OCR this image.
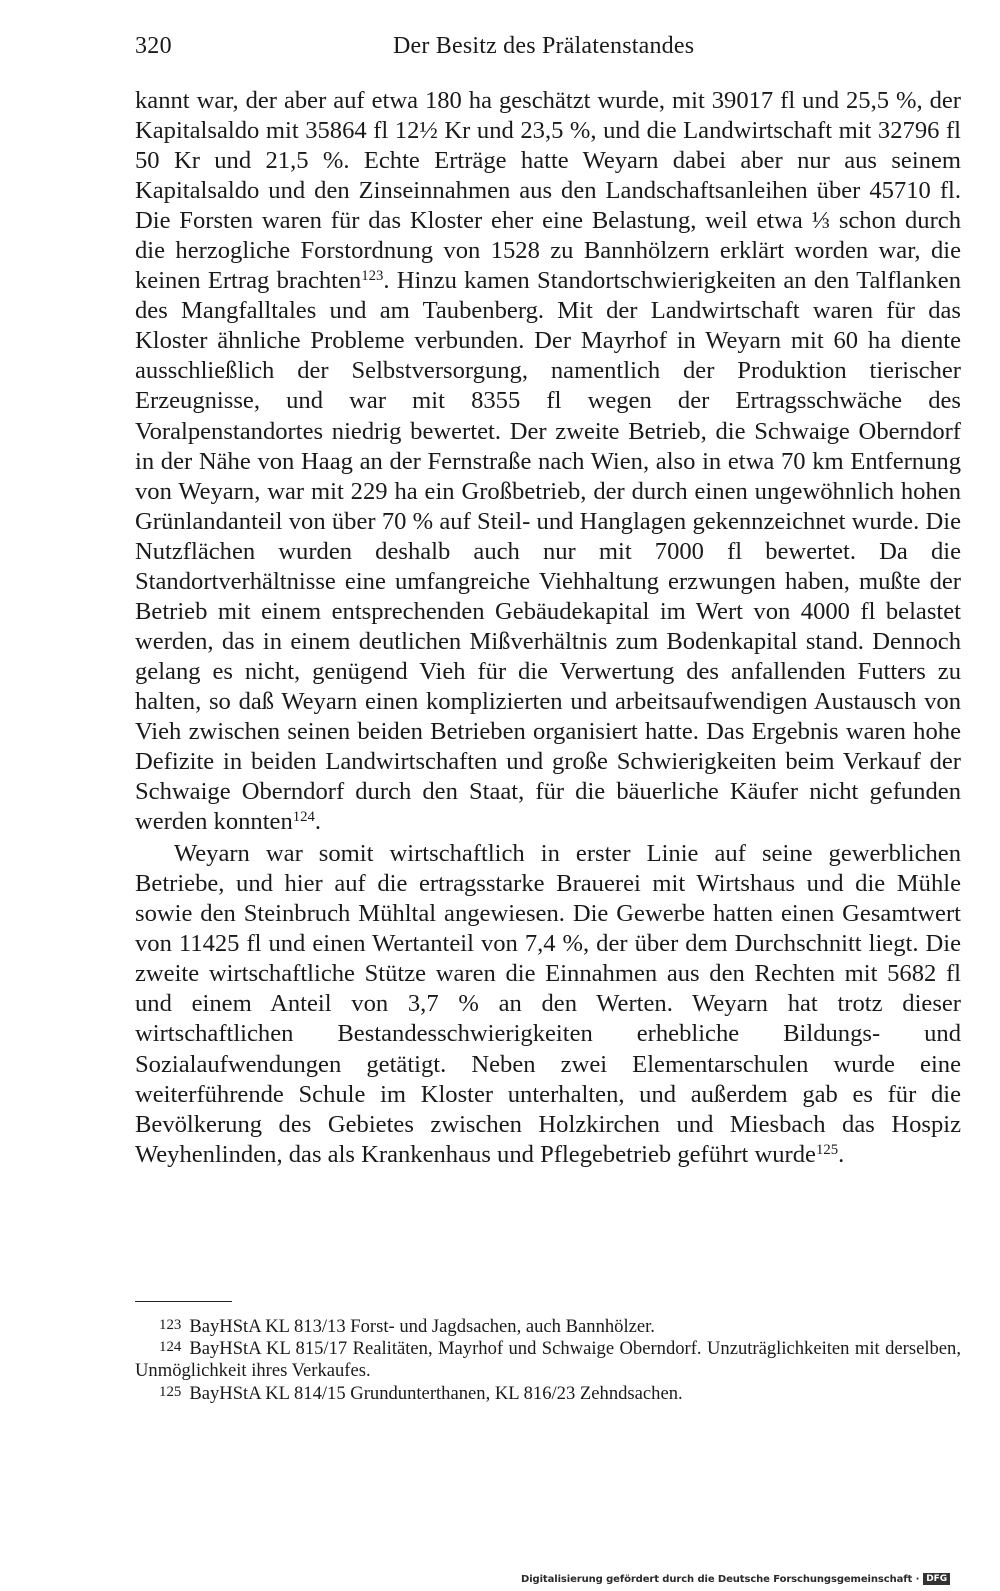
320	Der Besitz des Prälatenstandes

kannt war, der aber auf etwa 180 ha geschätzt wurde, mit 39017 fl und 25,5 %, der Kapitalsaldo mit 35864 fl 12½ Kr und 23,5 %, und die Landwirtschaft mit 32796 fl 50 Kr und 21,5 %. Echte Erträge hatte Weyarn dabei aber nur aus seinem Kapitalsaldo und den Zinseinnahmen aus den Landschaftsanleihen über 45710 fl. Die Forsten waren für das Kloster eher eine Belastung, weil etwa ⅓ schon durch die herzogliche Forstordnung von 1528 zu Bannhölzern erklärt worden war, die keinen Ertrag brachten$^{123}$. Hinzu kamen Standortschwierigkeiten an den Talflanken des Mangfalltales und am Taubenberg. Mit der Landwirtschaft waren für das Kloster ähnliche Probleme verbunden. Der Mayrhof in Weyarn mit 60 ha diente ausschließlich der Selbstversorgung, namentlich der Produktion tierischer Erzeugnisse, und war mit 8355 fl wegen der Ertragsschwäche des Voralpenstandortes niedrig bewertet. Der zweite Betrieb, die Schwaige Oberndorf in der Nähe von Haag an der Fernstraße nach Wien, also in etwa 70 km Entfernung von Weyarn, war mit 229 ha ein Großbetrieb, der durch einen ungewöhnlich hohen Grünlandanteil von über 70 % auf Steil- und Hanglagen gekennzeichnet wurde. Die Nutzflächen wurden deshalb auch nur mit 7000 fl bewertet. Da die Standortverhältnisse eine umfangreiche Viehhaltung erzwungen haben, mußte der Betrieb mit einem entsprechenden Gebäudekapital im Wert von 4000 fl belastet werden, das in einem deutlichen Mißverhältnis zum Bodenkapital stand. Dennoch gelang es nicht, genügend Vieh für die Verwertung des anfallenden Futters zu halten, so daß Weyarn einen komplizierten und arbeitsaufwendigen Austausch von Vieh zwischen seinen beiden Betrieben organisiert hatte. Das Ergebnis waren hohe Defizite in beiden Landwirtschaften und große Schwierigkeiten beim Verkauf der Schwaige Oberndorf durch den Staat, für die bäuerliche Käufer nicht gefunden werden konnten$^{124}$.

Weyarn war somit wirtschaftlich in erster Linie auf seine gewerblichen Betriebe, und hier auf die ertragsstarke Brauerei mit Wirtshaus und die Mühle sowie den Steinbruch Mühltal angewiesen. Die Gewerbe hatten einen Gesamtwert von 11425 fl und einen Wertanteil von 7,4 %, der über dem Durchschnitt liegt. Die zweite wirtschaftliche Stütze waren die Einnahmen aus den Rechten mit 5682 fl und einem Anteil von 3,7 % an den Werten. Weyarn hat trotz dieser wirtschaftlichen Bestandesschwierigkeiten erhebliche Bildungs- und Sozialaufwendungen getätigt. Neben zwei Elementarschulen wurde eine weiterführende Schule im Kloster unterhalten, und außerdem gab es für die Bevölkerung des Gebietes zwischen Holzkirchen und Miesbach das Hospiz Weyhenlinden, das als Krankenhaus und Pflegebetrieb geführt wurde$^{125}$.

$^{123}$ BayHStA KL 813/13 Forst- und Jagdsachen, auch Bannhölzer.

$^{124}$ BayHStA KL 815/17 Realitäten, Mayrhof und Schwaige Oberndorf. Unzuträglichkeiten mit derselben, Unmöglichkeit ihres Verkaufes.

$^{125}$ BayHStA KL 814/15 Grundunterthanen, KL 816/23 Zehndsachen.

Digitalisierung gefördert durch die Deutsche Forschungsgemeinschaft · DFG
